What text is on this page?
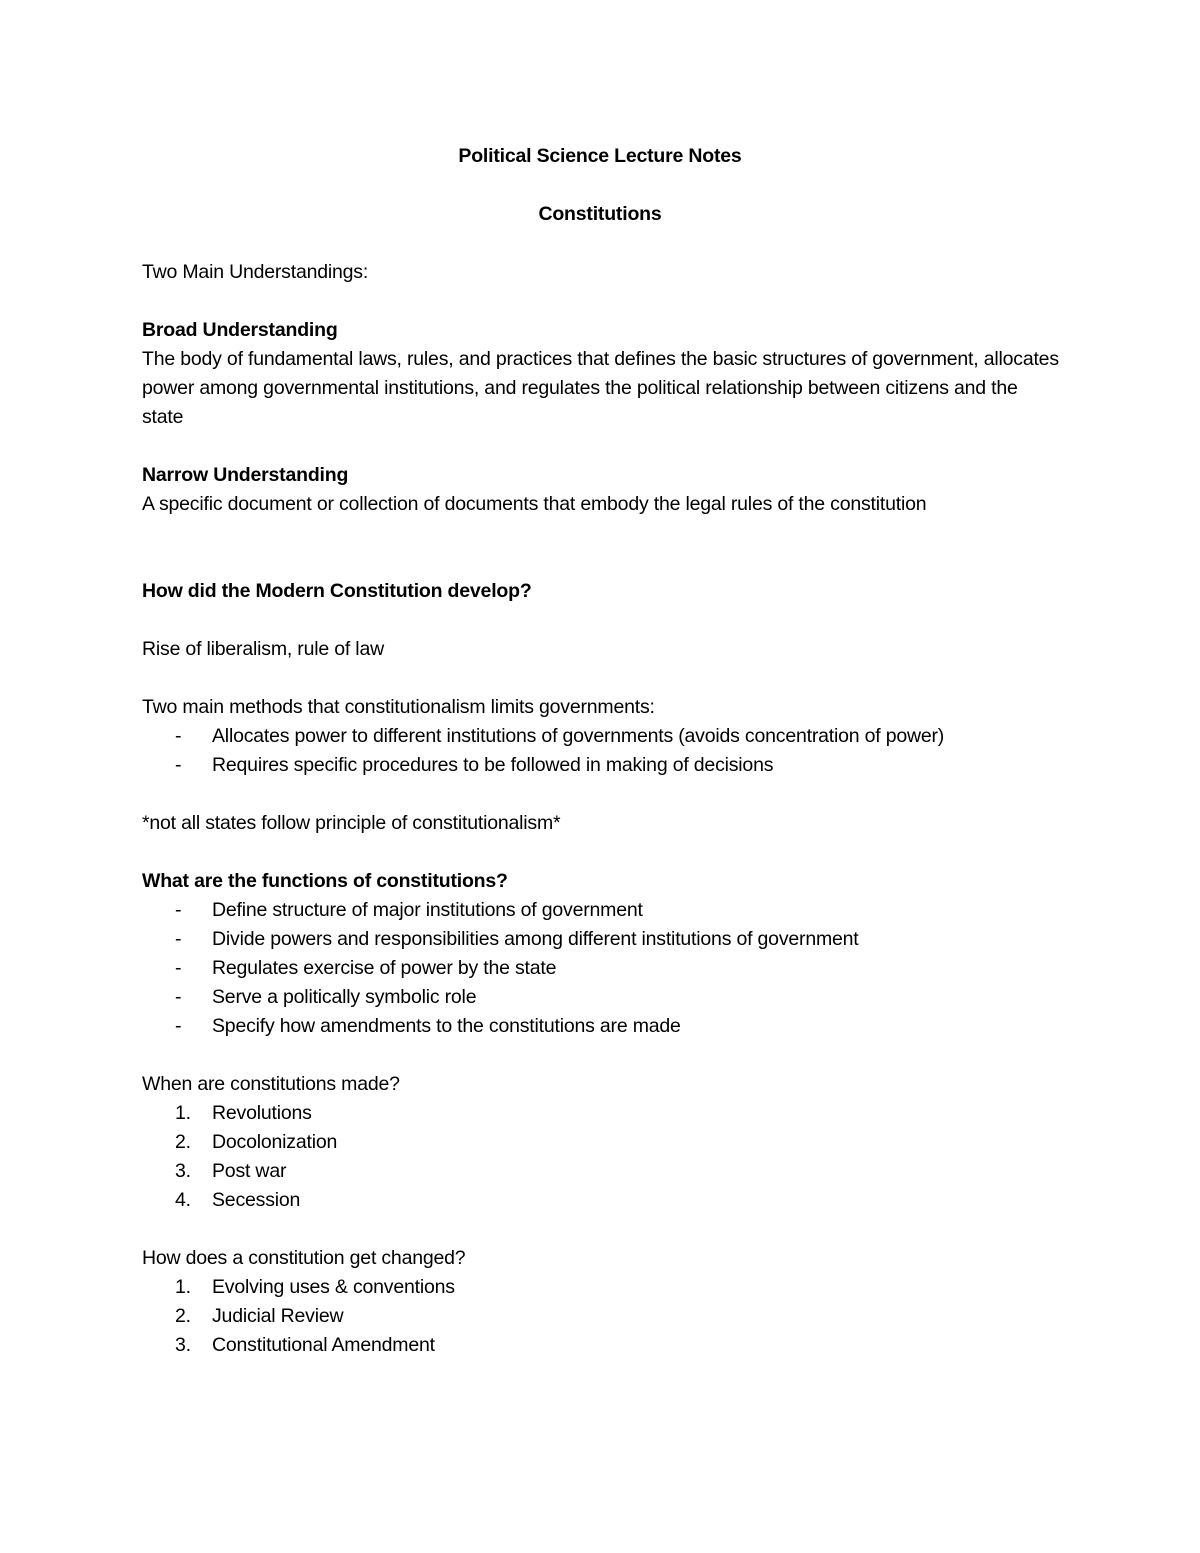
Political Science Lecture Notes

Constitutions

Two Main Understandings:

Broad Understanding

The body of fundamental laws, rules, and practices that defines the basic structures of government, allocates power among governmental institutions, and regulates the political relationship between citizens and the state

Narrow Understanding

A specific document or collection of documents that embody the legal rules of the constitution

How did the Modern Constitution develop?

Rise of liberalism, rule of law

Two main methods that constitutionalism limits governments:

- Allocates power to different institutions of governments (avoids concentration of power)
- Requires specific procedures to be followed in making of decisions

*not all states follow principle of constitutionalism*

What are the functions of constitutions?

- Define structure of major institutions of government
- Divide powers and responsibilities among different institutions of government
- Regulates exercise of power by the state
- Serve a politically symbolic role
- Specify how amendments to the constitutions are made

When are constitutions made?

1. Revolutions
2. Docolonization
3. Post war
4. Secession

How does a constitution get changed?

1. Evolving uses & conventions
2. Judicial Review
3. Constitutional Amendment
